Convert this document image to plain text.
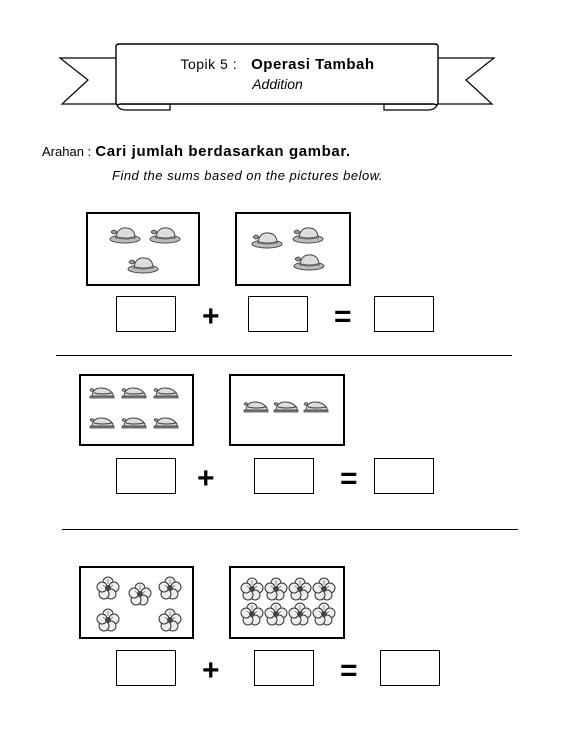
Topik 5 : Operasi Tambah
Addition
Arahan : Cari jumlah berdasarkan gambar.
Find the sums based on the pictures below.
+	=
+	=
+	=
